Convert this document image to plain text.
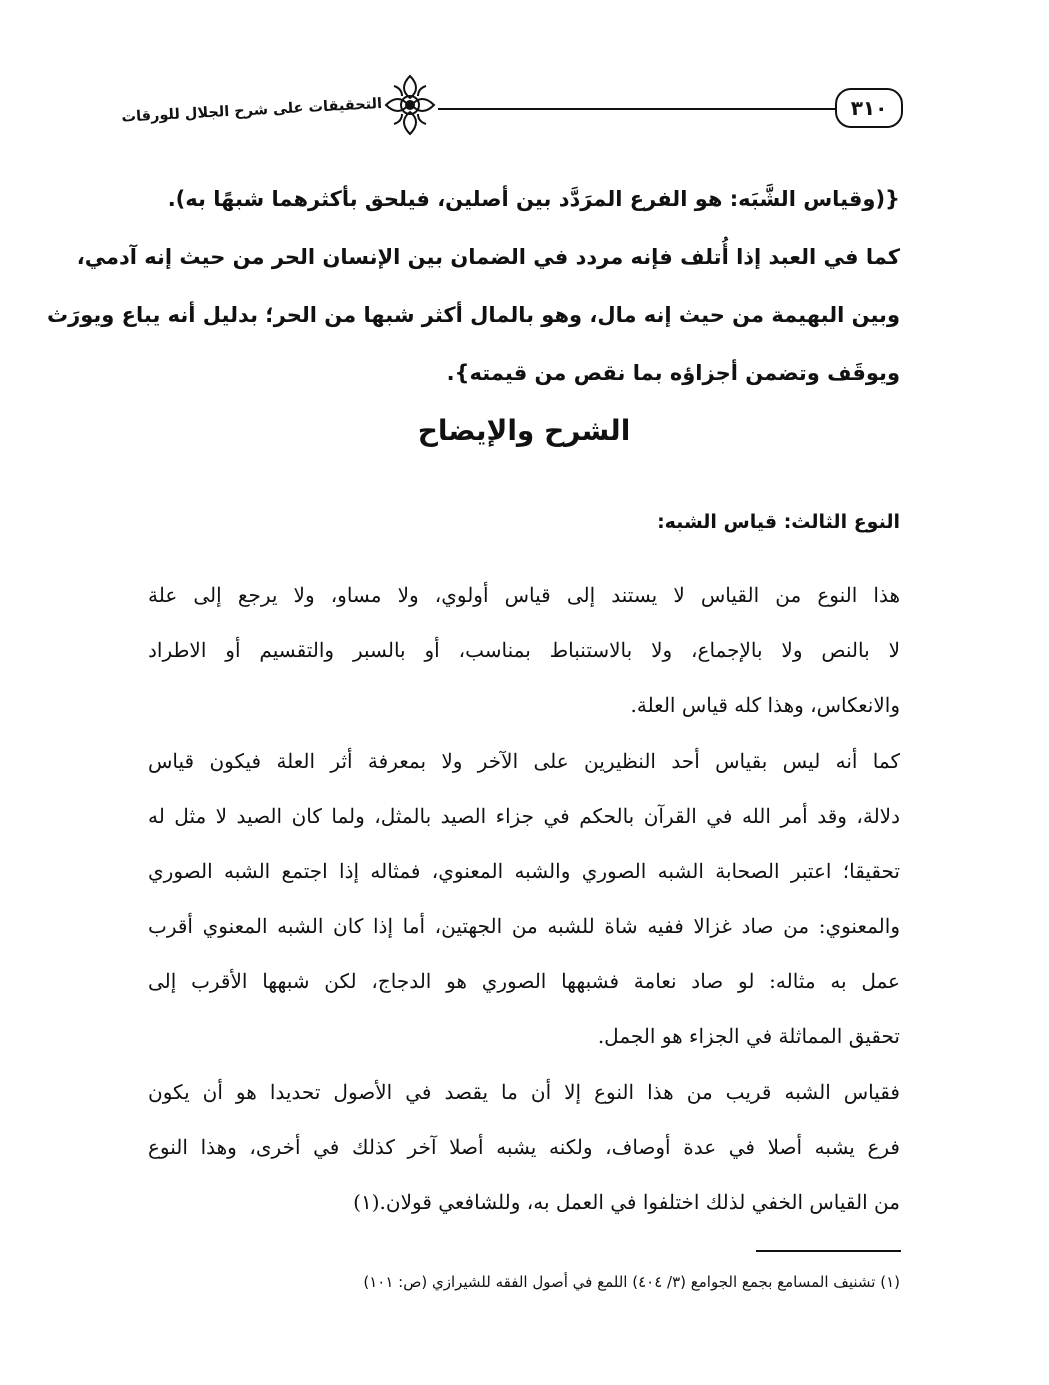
التحقيقات على شرح الجلال للورقات	٣١٠
{(وقياس الشَّبَه: هو الفرع المرَدَّد بين أصلين، فيلحق بأكثرهما شبهًا به).
كما في العبد إذا أُتلف فإنه مردد في الضمان بين الإنسان الحر من حيث إنه آدمي،
وبين البهيمة من حيث إنه مال، وهو بالمال أكثر شبها من الحر؛ بدليل أنه يباع ويورَث
ويوقَف وتضمن أجزاؤه بما نقص من قيمته}.
الشرح والإيضاح
النوع الثالث: قياس الشبه:
هذا النوع من القياس لا يستند إلى قياس أولوي، ولا مساو، ولا يرجع إلى علة
لا بالنص ولا بالإجماع، ولا بالاستنباط بمناسب، أو بالسبر والتقسيم أو الاطراد
والانعكاس، وهذا كله قياس العلة.
كما أنه ليس بقياس أحد النظيرين على الآخر ولا بمعرفة أثر العلة فيكون قياس
دلالة، وقد أمر الله في القرآن بالحكم في جزاء الصيد بالمثل، ولما كان الصيد لا مثل له
تحقيقا؛ اعتبر الصحابة الشبه الصوري والشبه المعنوي، فمثاله إذا اجتمع الشبه الصوري
والمعنوي: من صاد غزالا ففيه شاة للشبه من الجهتين، أما إذا كان الشبه المعنوي أقرب
عمل به مثاله: لو صاد نعامة فشبهها الصوري هو الدجاج، لكن شبهها الأقرب إلى
تحقيق المماثلة في الجزاء هو الجمل.
فقياس الشبه قريب من هذا النوع إلا أن ما يقصد في الأصول تحديدا هو أن يكون
فرع يشبه أصلا في عدة أوصاف، ولكنه يشبه أصلا آخر كذلك في أخرى، وهذا النوع
من القياس الخفي لذلك اختلفوا في العمل به، وللشافعي قولان.(١)
(١) تشنيف المسامع بجمع الجوامع (٣/ ٤٠٤) اللمع في أصول الفقه للشيرازي (ص: ١٠١)
